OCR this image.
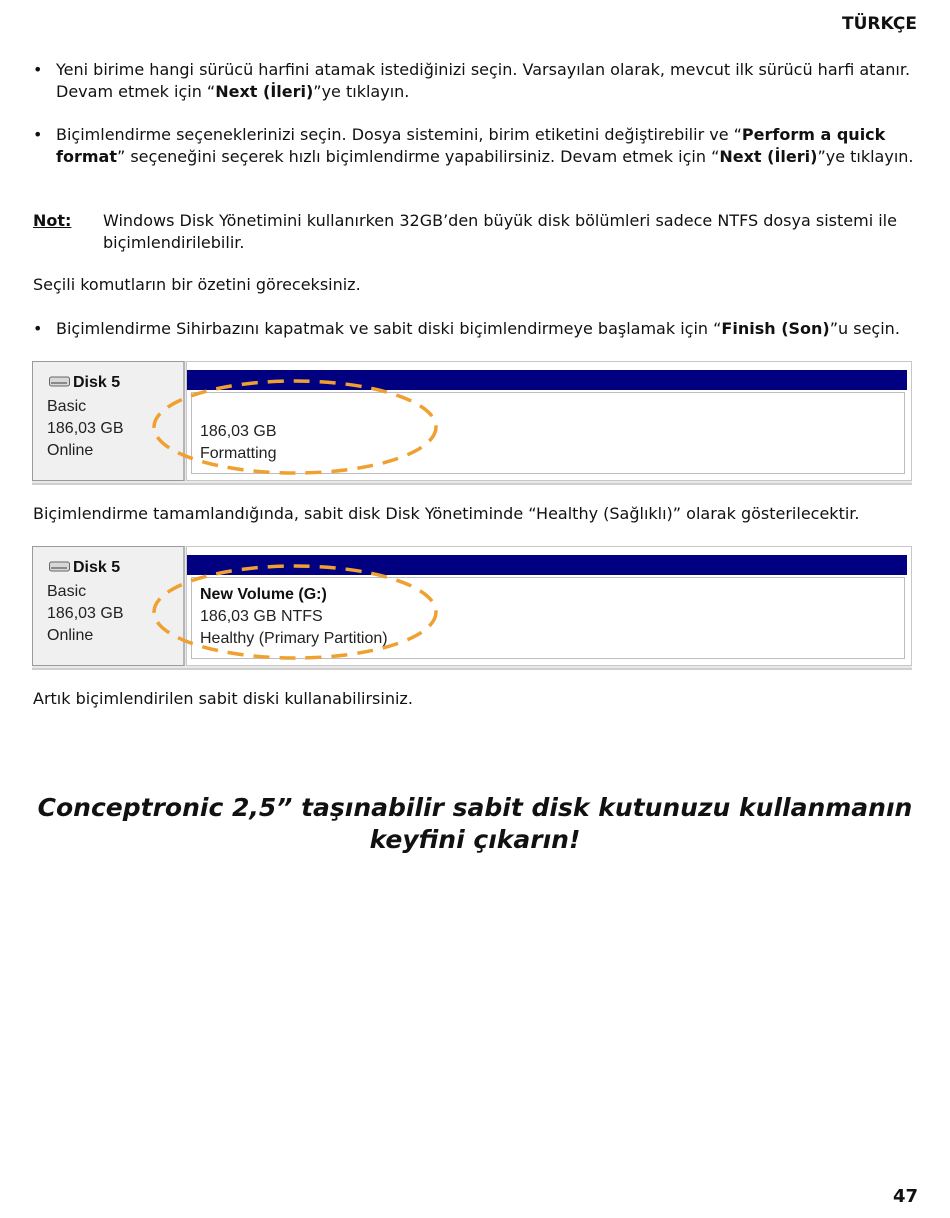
TÜRKÇE
• Yeni birime hangi sürücü harfini atamak istediğinizi seçin. Varsayılan olarak, mevcut ilk sürücü harfi atanır. Devam etmek için “Next (İleri)”ye tıklayın.

• Biçimlendirme seçeneklerinizi seçin. Dosya sistemini, birim etiketini değiştirebilir ve “Perform a quick format” seçeneğini seçerek hızlı biçimlendirme yapabilirsiniz. Devam etmek için “Next (İleri)”ye tıklayın.

Not: Windows Disk Yönetimini kullanırken 32GB’den büyük disk bölümleri sadece NTFS dosya sistemi ile biçimlendirilebilir.

Seçili komutların bir özetini göreceksiniz.

• Biçimlendirme Sihirbazını kapatmak ve sabit diski biçimlendirmeye başlamak için “Finish (Son)”u seçin.

Disk 5
Basic
186,03 GB
Online
186,03 GB
Formatting

Biçimlendirme tamamlandığında, sabit disk Disk Yönetiminde “Healthy (Sağlıklı)” olarak gösterilecektir.

Disk 5
Basic
186,03 GB
Online
New Volume (G:)
186,03 GB NTFS
Healthy (Primary Partition)

Artık biçimlendirilen sabit diski kullanabilirsiniz.

Conceptronic 2,5” taşınabilir sabit disk kutunuzu kullanmanın keyfini çıkarın!

47
